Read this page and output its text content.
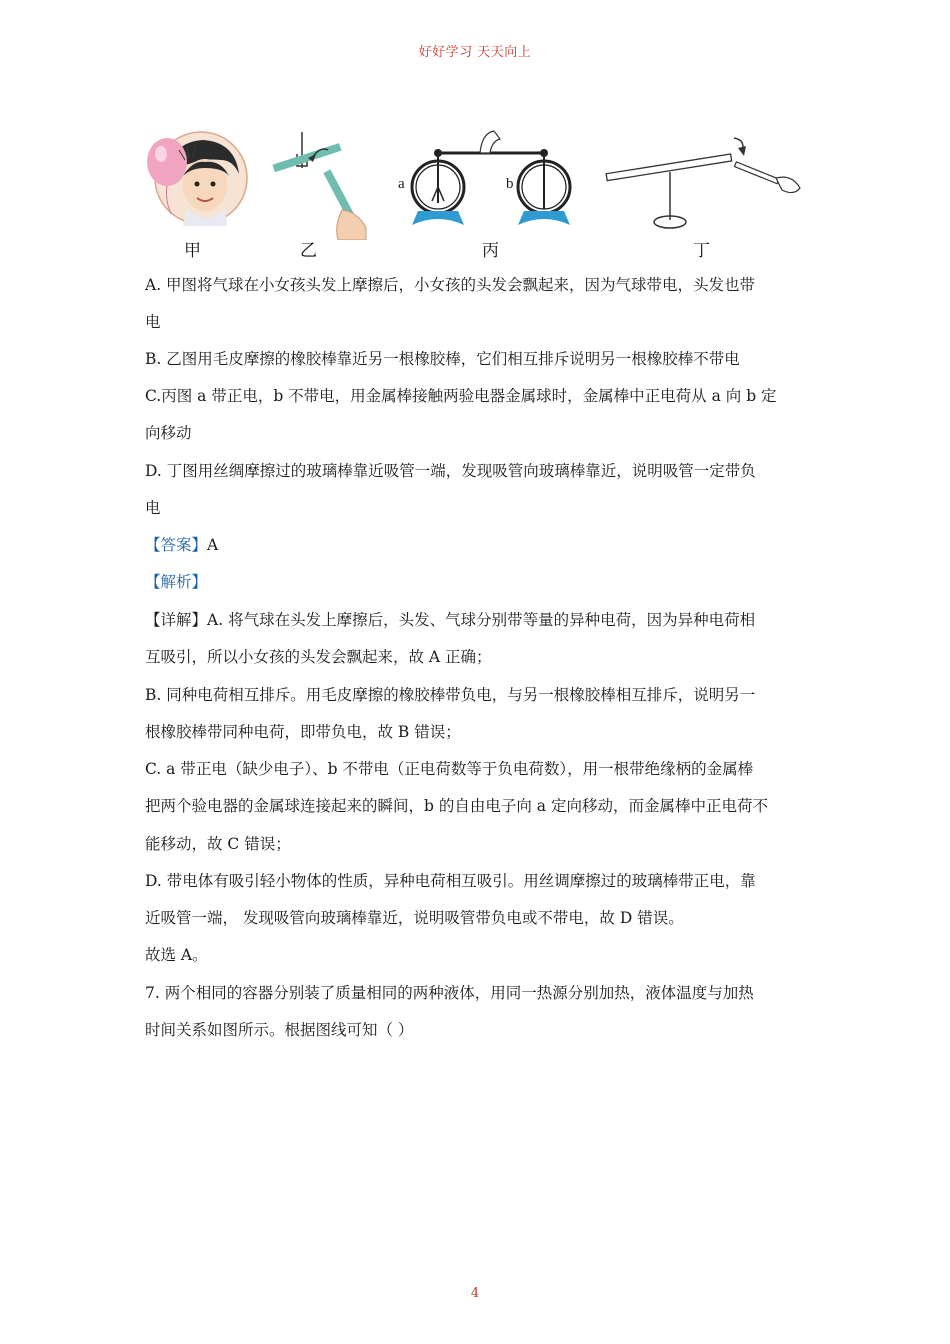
好好学习 天天向上
a	b
甲	乙	丙	丁
A. 甲图将气球在小女孩头发上摩擦后，小女孩的头发会飘起来，因为气球带电，头发也带
电
B. 乙图用毛皮摩擦的橡胶棒靠近另一根橡胶棒，它们相互排斥说明另一根橡胶棒不带电
C.丙图 a 带正电，b 不带电，用金属棒接触两验电器金属球时，金属棒中正电荷从 a 向 b 定
向移动
D. 丁图用丝绸摩擦过的玻璃棒靠近吸管一端，发现吸管向玻璃棒靠近，说明吸管一定带负
电
【答案】A
【解析】
【详解】A. 将气球在头发上摩擦后，头发、气球分别带等量的异种电荷，因为异种电荷相
互吸引，所以小女孩的头发会飘起来，故 A 正确；
B. 同种电荷相互排斥。用毛皮摩擦的橡胶棒带负电，与另一根橡胶棒相互排斥，说明另一
根橡胶棒带同种电荷，即带负电，故 B 错误；
C. a 带正电（缺少电子）、b 不带电（正电荷数等于负电荷数），用一根带绝缘柄的金属棒
把两个验电器的金属球连接起来的瞬间，b 的自由电子向 a 定向移动，而金属棒中正电荷不
能移动，故 C 错误；
D. 带电体有吸引轻小物体的性质，异种电荷相互吸引。用丝调摩擦过的玻璃棒带正电，靠
近吸管一端， 发现吸管向玻璃棒靠近，说明吸管带负电或不带电，故 D 错误。
故选 A。
7. 两个相同的容器分别装了质量相同的两种液体，用同一热源分别加热，液体温度与加热
时间关系如图所示。根据图线可知（ ）
4
